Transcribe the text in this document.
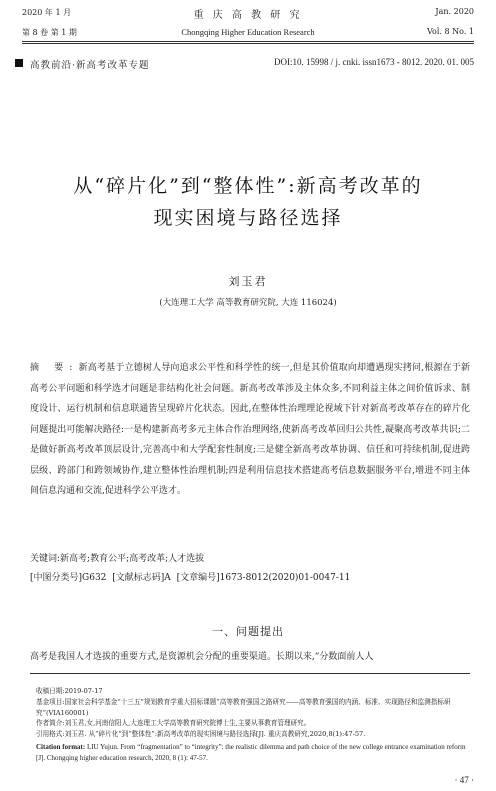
2020 年 1 月	重 庆 高 教 研 究	Jan. 2020
第 8 卷 第 1 期	Chongqing Higher Education Research	Vol. 8 No. 1
高教前沿·新高考改革专题	DOI:10. 15998 / j. cnki. issn1673 - 8012. 2020. 01. 005
从“碎片化”到“整体性”:新高考改革的
现实困境与路径选择
刘玉君
(大连理工大学 高等教育研究院, 大连 116024)
摘 要:新高考基于立德树人导向追求公平性和科学性的统一,但是其价值取向却遭遇现实拷问,根源在于新高考公平问题和科学选才问题是非结构化社会问题。新高考改革涉及主体众多,不同利益主体之间价值诉求、制度设计、运行机制和信息联通皆呈现碎片化状态。因此,在整体性治理理论视域下针对新高考改革存在的碎片化问题提出可能解决路径:一是构建新高考多元主体合作治理网络,使新高考改革回归公共性,凝聚高考改革共识;二是做好新高考改革顶层设计,完善高中和大学配套性制度;三是健全新高考改革协调、信任和可持续机制,促进跨层级、跨部门和跨领域协作,建立整体性治理机制;四是利用信息技术搭建高考信息数据服务平台,增进不同主体间信息沟通和交流,促进科学公平选才。
关键词:新高考;教育公平;高考改革;人才选拔
[中图分类号]G632 [文献标志码]A [文章编号]1673-8012(2020)01-0047-11
一、问题提出
高考是我国人才选拔的重要方式,是资源机会分配的重要渠道。长期以来,“分数面前人人
收稿日期:2019-07-17
基金项目:国家社会科学基金“十三五”规划教育学重大招标课题“高等教育强国之路研究——高等教育强国的内涵、标准、实现路径和监测指标研究”(VIA160001)
作者简介:刘玉君,女,河南信阳人,大连理工大学高等教育研究院博士生,主要从事教育管理研究。
引用格式:刘玉君. 从“碎片化”到“整体性”:新高考改革的现实困境与路径选择[J]. 重庆高教研究,2020,8(1):47-57.
Citation format: LIU Yujun. From “fragmentation” to “integrity”: the realistic dilemma and path choice of the new college entrance examination reform [J]. Chongqing higher education research, 2020, 8 (1): 47-57.
· 47 ·
